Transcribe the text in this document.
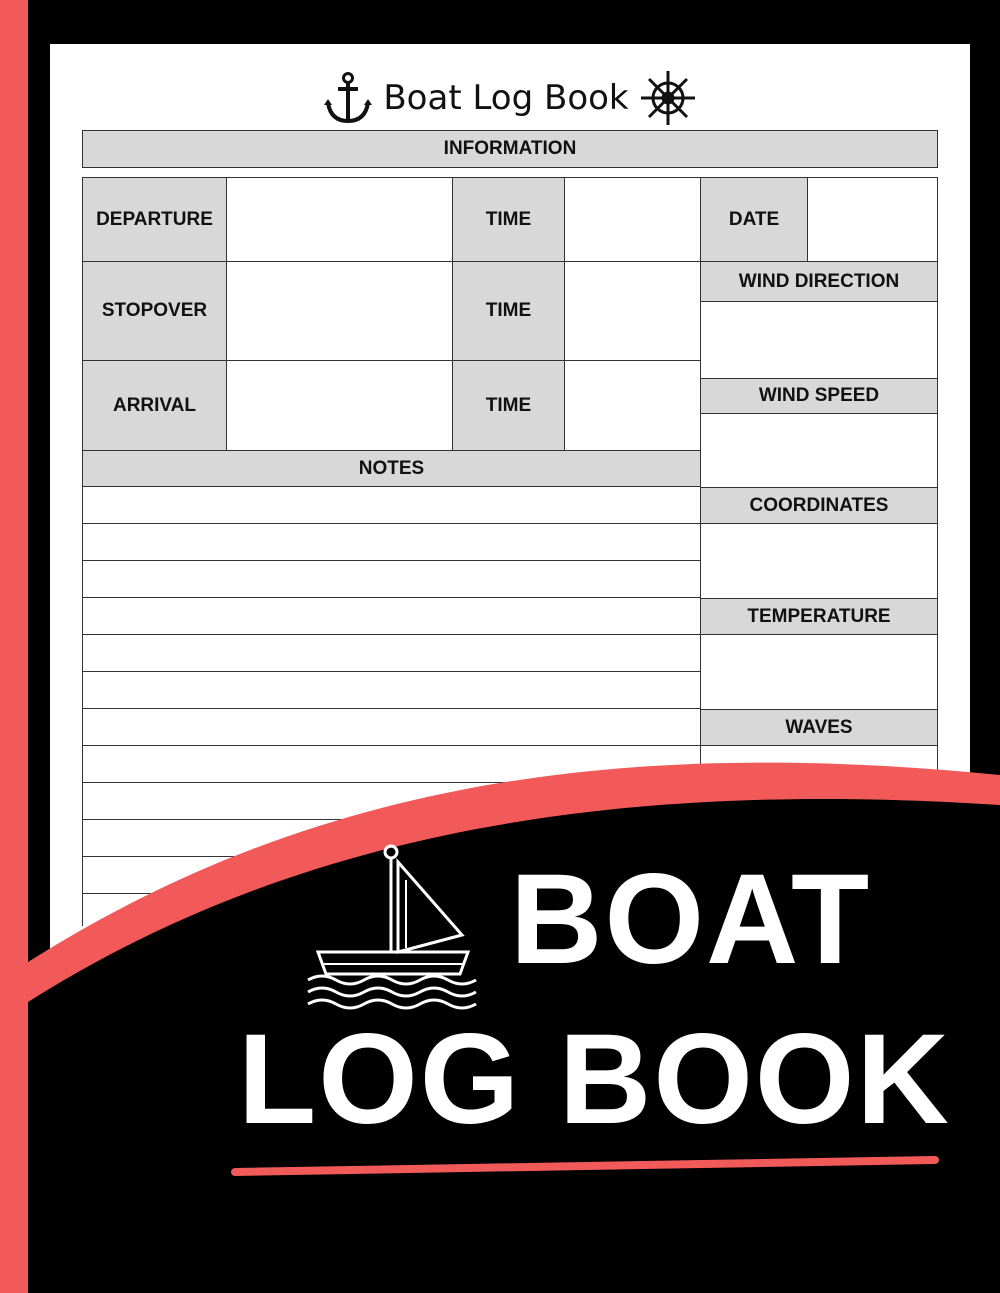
Boat Log Book
INFORMATION
DEPARTURE	TIME	DATE
STOPOVER	TIME
ARRIVAL	TIME
NOTES
WIND DIRECTION
WIND SPEED
COORDINATES
TEMPERATURE
WAVES
BOAT
LOG BOOK
